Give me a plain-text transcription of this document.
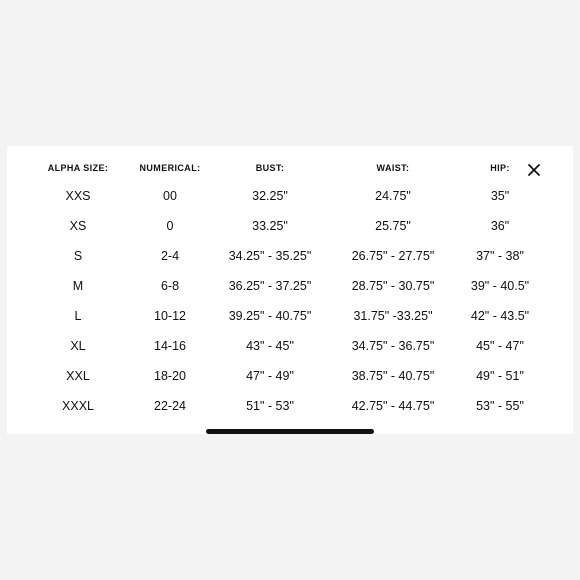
ALPHA SIZE:	NUMERICAL:	BUST:	WAIST:	HIP:
XXS	00	32.25"	24.75"	35"
XS	0	33.25"	25.75"	36"
S	2-4	34.25" - 35.25"	26.75" - 27.75"	37" - 38"
M	6-8	36.25" - 37.25"	28.75" - 30.75"	39" - 40.5"
L	10-12	39.25" - 40.75"	31.75" -33.25"	42" - 43.5"
XL	14-16	43" - 45"	34.75" - 36.75"	45" - 47"
XXL	18-20	47" - 49"	38.75" - 40.75"	49" - 51"
XXXL	22-24	51" - 53"	42.75" - 44.75"	53" - 55"
